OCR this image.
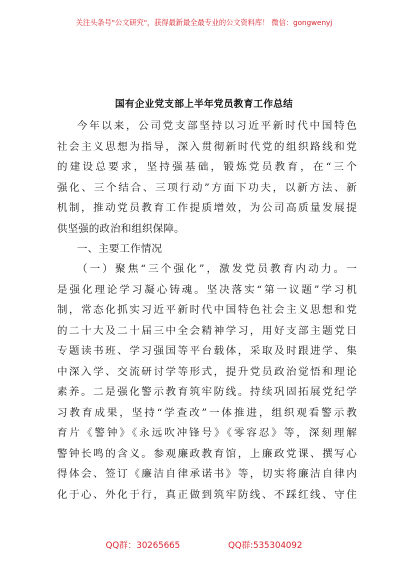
关注头条号"公文研究"，获得最新最全最专业的公文资料库！ 微信：gongwenyj
国有企业党支部上半年党员教育工作总结
今年以来，公司党支部坚持以习近平新时代中国特色
社会主义思想为指导，深入贯彻新时代党的组织路线和党
的建设总要求，坚持强基础，锻炼党员教育，在“三个
强化、三个结合、三项行动”方面下功夫，以新方法、新
机制，推动党员教育工作提质增效，为公司高质量发展提
供坚强的政治和组织保障。
一、主要工作情况
（一）聚焦“三个强化”，激发党员教育内动力。一
是强化理论学习凝心铸魂。坚决落实“第一议题”学习机
制，常态化抓实习近平新时代中国特色社会主义思想和党
的二十大及二十届三中全会精神学习，用好支部主题党日
专题读书班、学习强国等平台载体，采取及时跟进学、集
中深入学、交流研讨学等形式，提升党员政治觉悟和理论
素养。二是强化警示教育筑牢防线。持续巩固拓展党纪学
习教育成果，坚持“学查改”一体推进，组织观看警示教
育片《警钟》《永远吹冲锋号》《零容忍》等，深刻理解
警钟长鸣的含义。参观廉政教育馆，上廉政党课、撰写心
得体会、签订《廉洁自律承诺书》等，切实将廉洁自律内
化于心、外化于行，真正做到筑牢防线、不踩红线、守住
QQ群：30265665	QQ群:535304092
